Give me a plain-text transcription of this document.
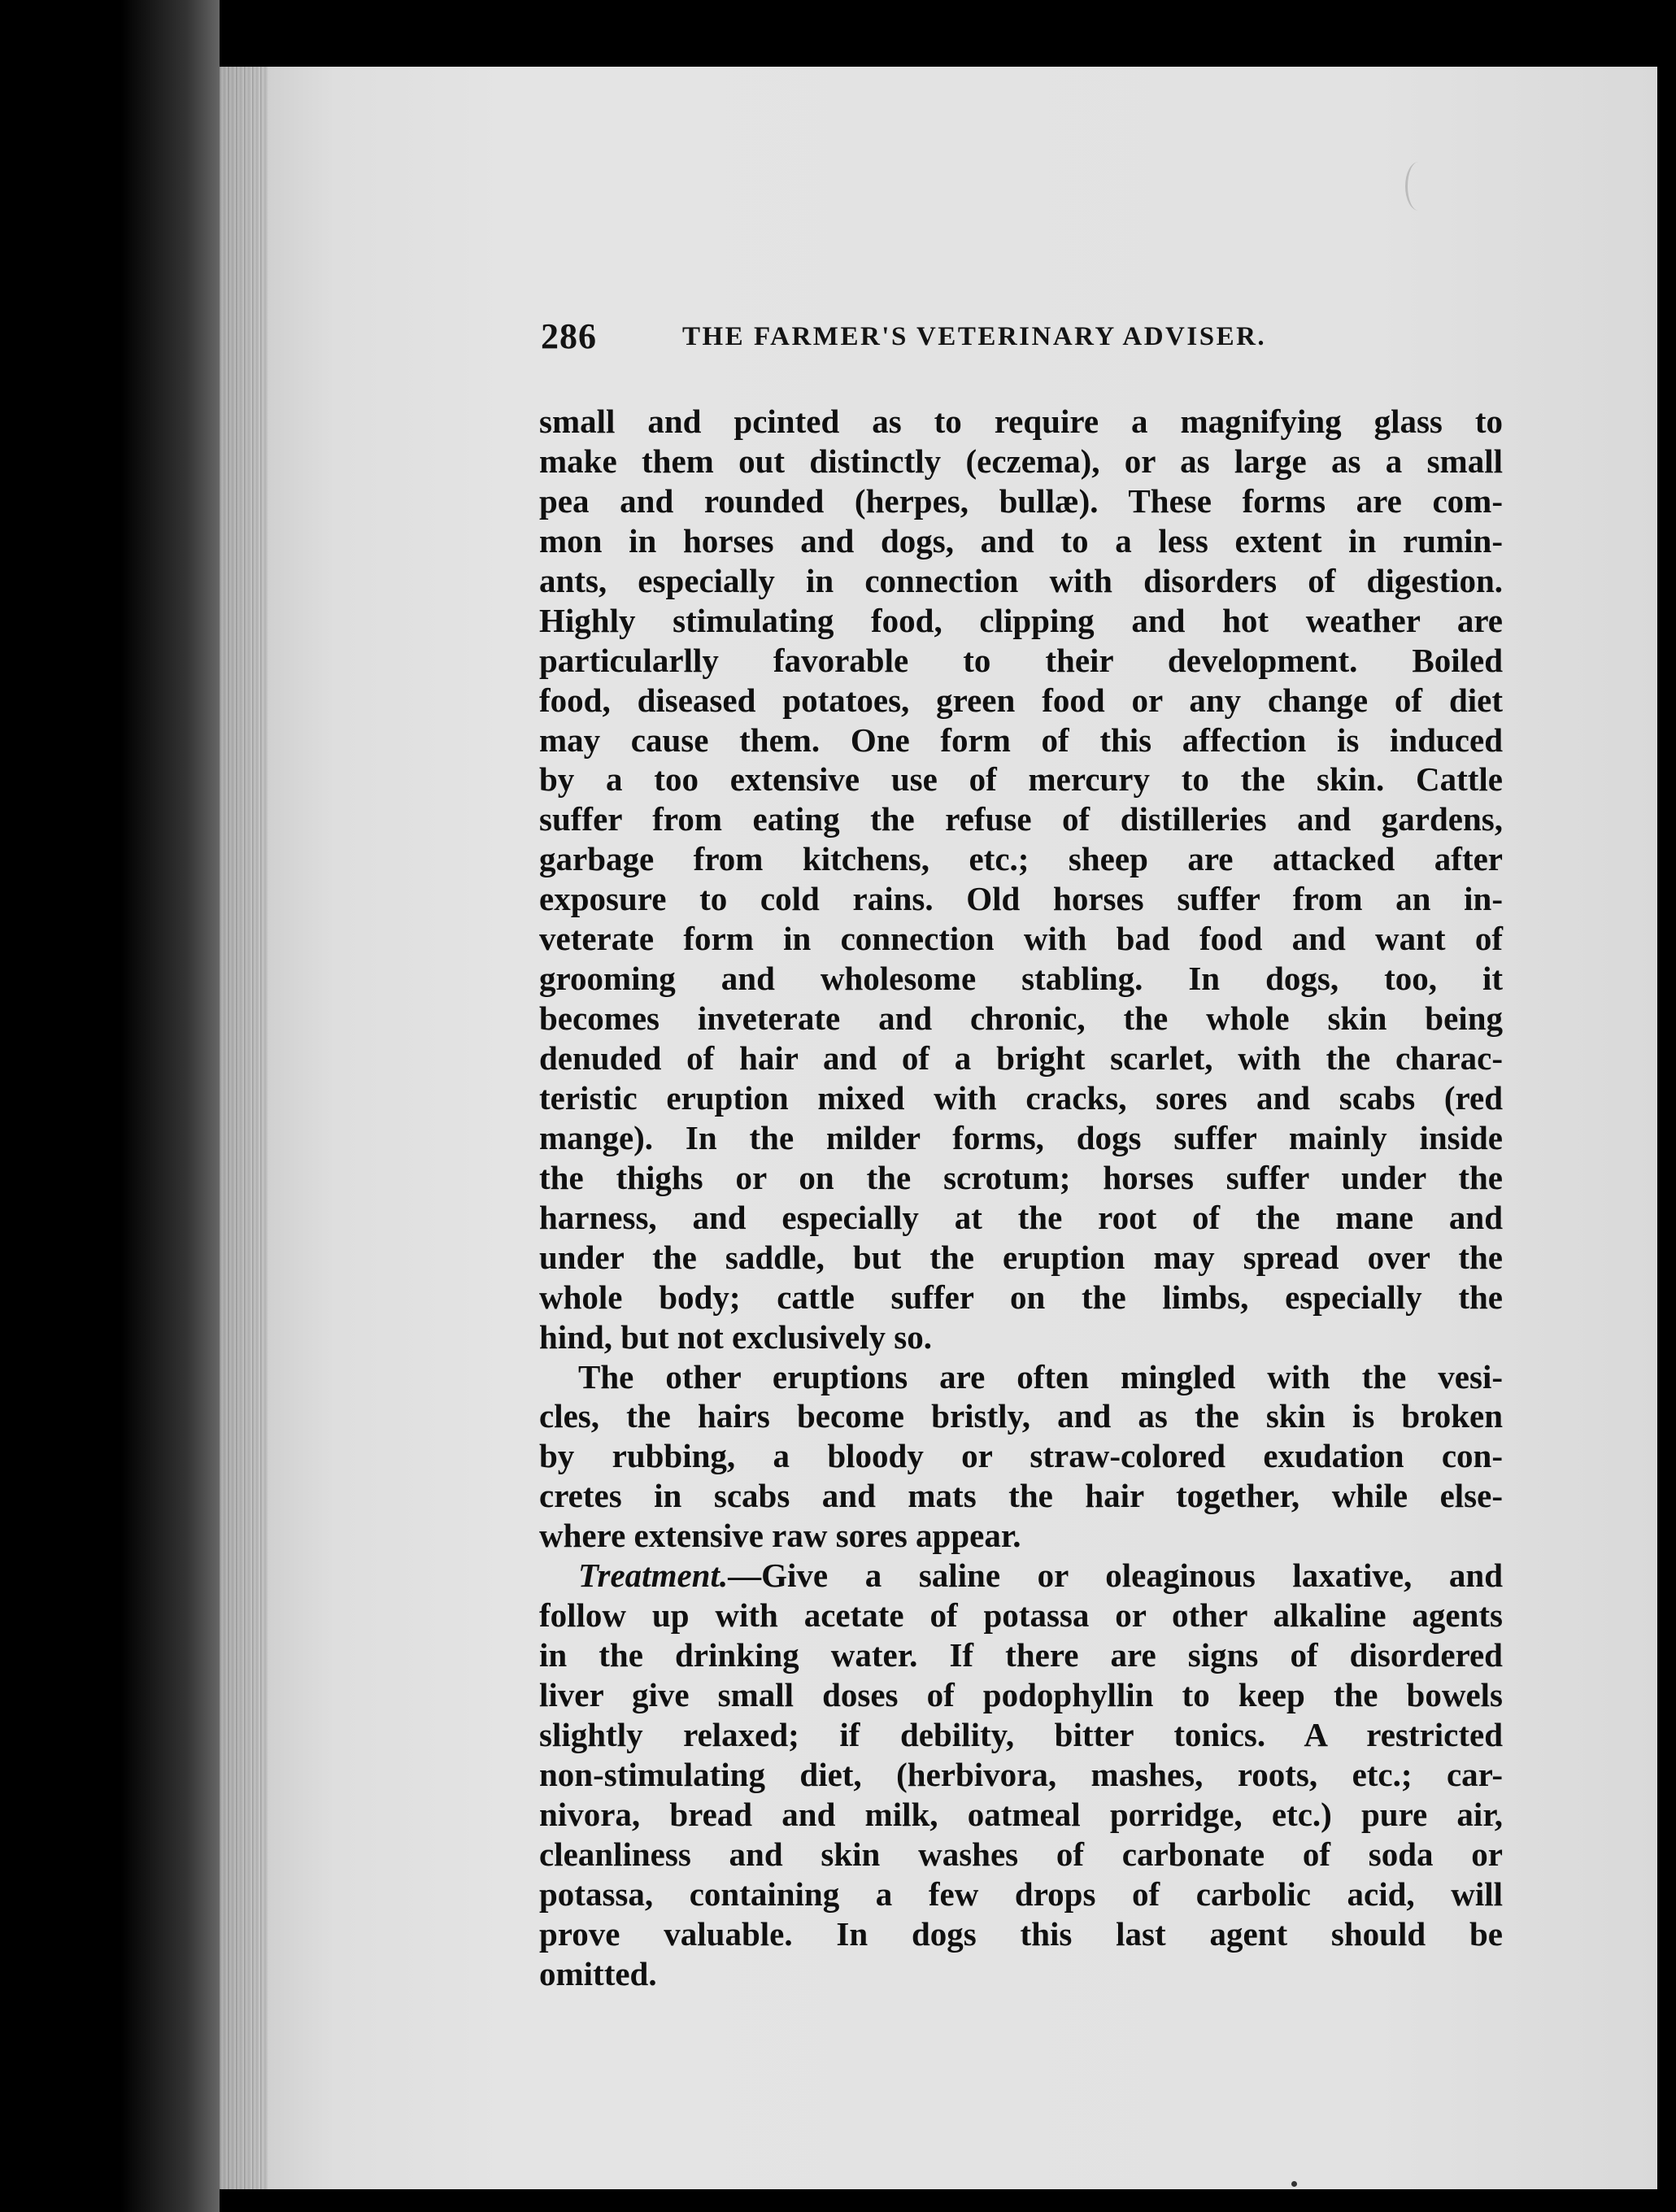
286	THE FARMER'S VETERINARY ADVISER.
small and pcinted as to require a magnifying glass to
make them out distinctly (eczema), or as large as a small
pea and rounded (herpes, bullæ). These forms are com-
mon in horses and dogs, and to a less extent in rumin-
ants, especially in connection with disorders of digestion.
Highly stimulating food, clipping and hot weather are
particularlly favorable to their development. Boiled
food, diseased potatoes, green food or any change of diet
may cause them. One form of this affection is induced
by a too extensive use of mercury to the skin. Cattle
suffer from eating the refuse of distilleries and gardens,
garbage from kitchens, etc.; sheep are attacked after
exposure to cold rains. Old horses suffer from an in-
veterate form in connection with bad food and want of
grooming and wholesome stabling. In dogs, too, it
becomes inveterate and chronic, the whole skin being
denuded of hair and of a bright scarlet, with the charac-
teristic eruption mixed with cracks, sores and scabs (red
mange). In the milder forms, dogs suffer mainly inside
the thighs or on the scrotum; horses suffer under the
harness, and especially at the root of the mane and
under the saddle, but the eruption may spread over the
whole body; cattle suffer on the limbs, especially the
hind, but not exclusively so.
The other eruptions are often mingled with the vesi-
cles, the hairs become bristly, and as the skin is broken
by rubbing, a bloody or straw-colored exudation con-
cretes in scabs and mats the hair together, while else-
where extensive raw sores appear.
Treatment.—Give a saline or oleaginous laxative, and
follow up with acetate of potassa or other alkaline agents
in the drinking water. If there are signs of disordered
liver give small doses of podophyllin to keep the bowels
slightly relaxed; if debility, bitter tonics. A restricted
non-stimulating diet, (herbivora, mashes, roots, etc.; car-
nivora, bread and milk, oatmeal porridge, etc.) pure air,
cleanliness and skin washes of carbonate of soda or
potassa, containing a few drops of carbolic acid, will
prove valuable. In dogs this last agent should be
omitted.
